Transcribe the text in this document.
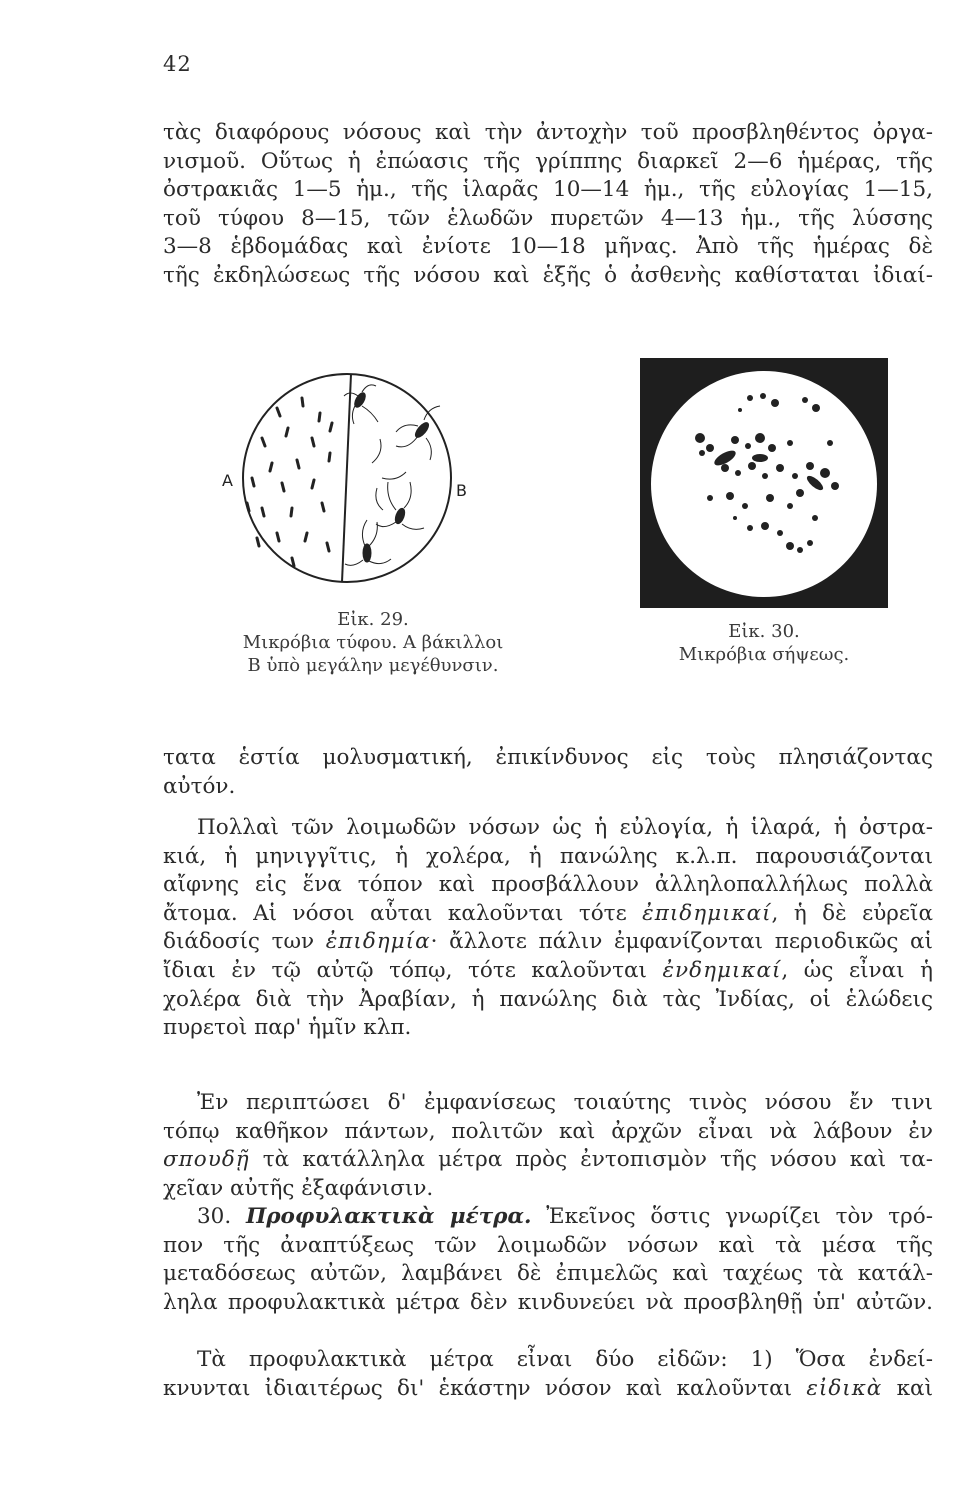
42

τὰς διαφόρους νόσους καὶ τὴν ἀντοχὴν τοῦ προσβληθέντος ὀργα-
νισμοῦ. Οὕτως ἡ ἐπώασις τῆς γρίππης διαρκεῖ 2—6 ἡμέρας, τῆς
ὀστρακιᾶς 1—5 ἡμ., τῆς ἱλαρᾶς 10—14 ἡμ., τῆς εὐλογίας 1—15,
τοῦ τύφου 8—15, τῶν ἑλωδῶν πυρετῶν 4—13 ἡμ., τῆς λύσσης
3—8 ἑβδομάδας καὶ ἐνίοτε 10—18 μῆνας. Ἀπὸ τῆς ἡμέρας δὲ
τῆς ἐκδηλώσεως τῆς νόσου καὶ ἑξῆς ὁ ἀσθενὴς καθίσταται ἰδιαί-

A
B
Εἰκ. 29.
Μικρόβια τύφου. Α βάκιλλοι
Β ὑπὸ μεγάλην μεγέθυνσιν.
Εἰκ. 30.
Μικρόβια σήψεως.

τατα ἑστία μολυσματική, ἐπικίνδυνος εἰς τοὺς πλησιάζοντας
αὐτόν.

Πολλαὶ τῶν λοιμωδῶν νόσων ὡς ἡ εὐλογία, ἡ ἱλαρά, ἡ ὀστρα-
κιά, ἡ μηνιγγῖτις, ἡ χολέρα, ἡ πανώλης κ.λ.π. παρουσιάζονται
αἴφνης εἰς ἕνα τόπον καὶ προσβάλλουν ἀλληλοπαλλήλως πολλὰ
ἄτομα. Αἱ νόσοι αὗται καλοῦνται τότε ἐπιδημικαί, ἡ δὲ εὐρεῖα
διάδοσίς των ἐπιδημία· ἄλλοτε πάλιν ἐμφανίζονται περιοδικῶς αἱ
ἴδιαι ἐν τῷ αὐτῷ τόπῳ, τότε καλοῦνται ἐνδημικαί, ὡς εἶναι ἡ
χολέρα διὰ τὴν Ἀραβίαν, ἡ πανώλης διὰ τὰς Ἰνδίας, οἱ ἑλώδεις
πυρετοὶ παρ' ἡμῖν κλπ.

Ἐν περιπτώσει δ' ἐμφανίσεως τοιαύτης τινὸς νόσου ἔν τινι
τόπῳ καθῆκον πάντων, πολιτῶν καὶ ἀρχῶν εἶναι νὰ λάβουν ἐν
σπουδῇ τὰ κατάλληλα μέτρα πρὸς ἐντοπισμὸν τῆς νόσου καὶ τα-
χεῖαν αὐτῆς ἐξαφάνισιν.

30. Προφυλακτικὰ μέτρα. Ἐκεῖνος ὅστις γνωρίζει τὸν τρό-
πον τῆς ἀναπτύξεως τῶν λοιμωδῶν νόσων καὶ τὰ μέσα τῆς
μεταδόσεως αὐτῶν, λαμβάνει δὲ ἐπιμελῶς καὶ ταχέως τὰ κατάλ-
ληλα προφυλακτικὰ μέτρα δὲν κινδυνεύει νὰ προσβληθῇ ὑπ' αὐτῶν.

Τὰ προφυλακτικὰ μέτρα εἶναι δύο εἰδῶν: 1) Ὅσα ἐνδεί-
κνυνται ἰδιαιτέρως δι' ἑκάστην νόσον καὶ καλοῦνται εἰδικὰ καὶ
